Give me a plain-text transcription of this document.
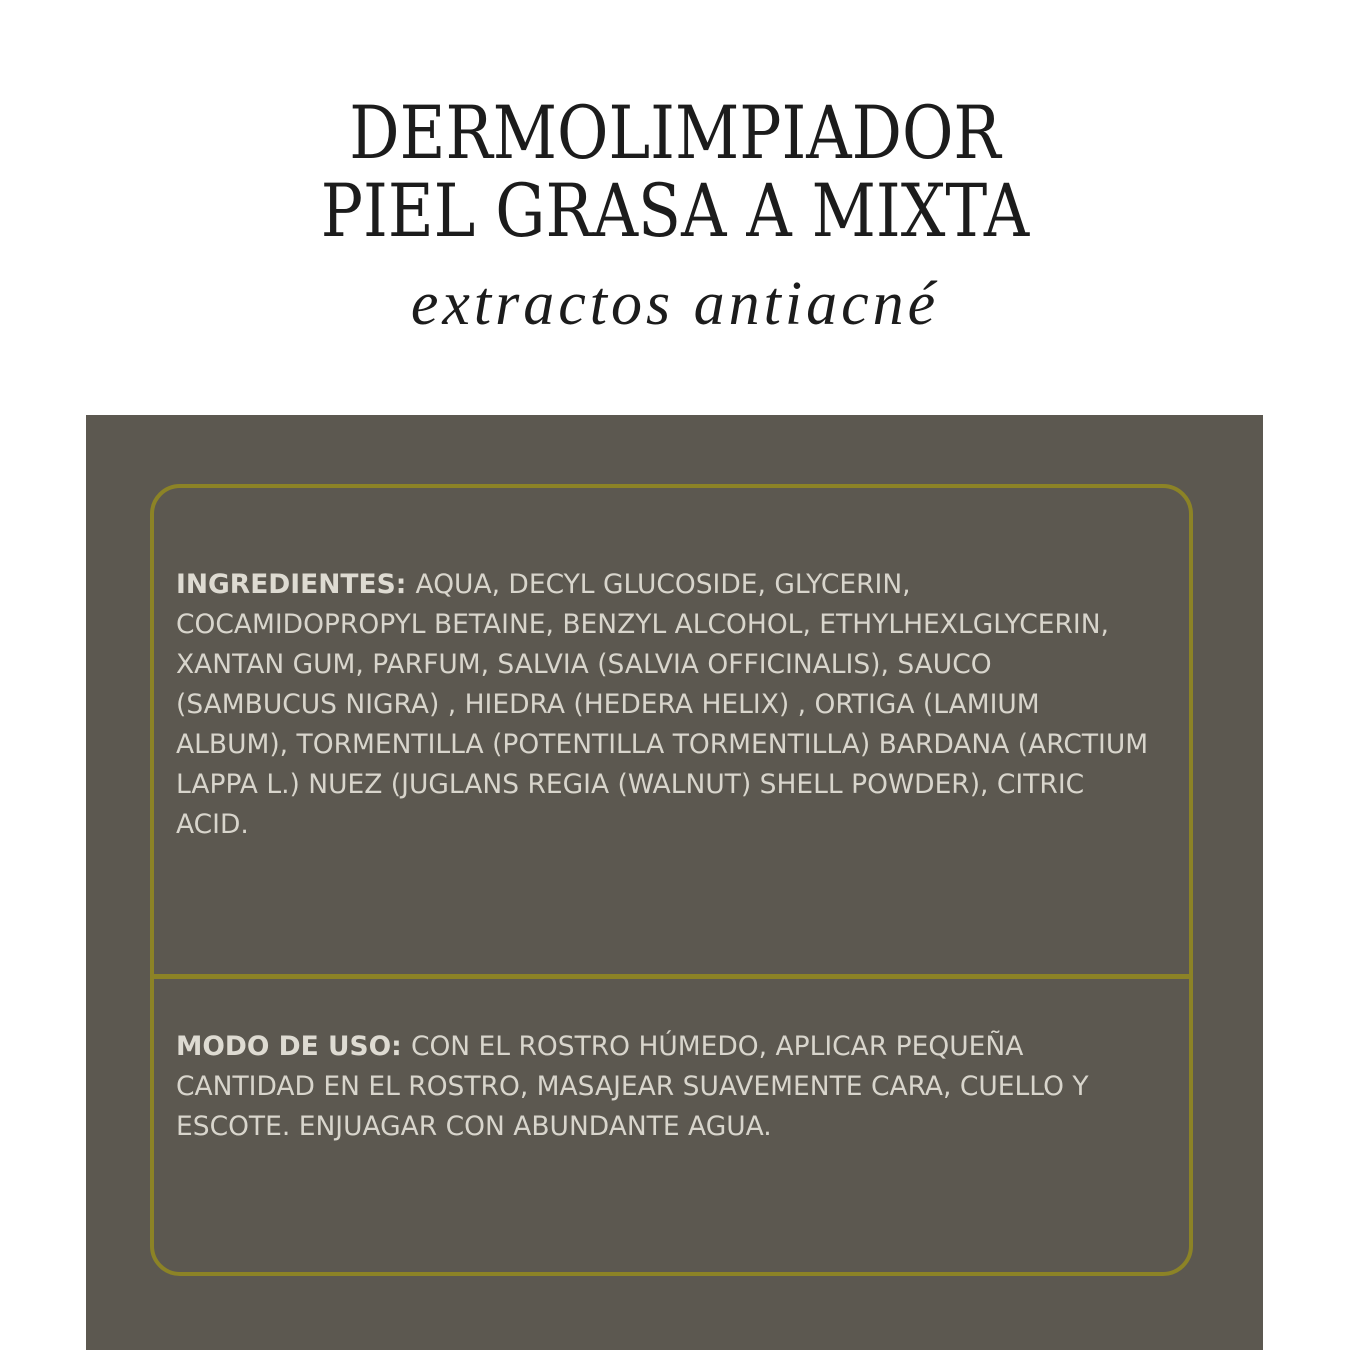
DERMOLIMPIADOR
PIEL GRASA A MIXTA
extractos antiacné
INGREDIENTES: AQUA, DECYL GLUCOSIDE, GLYCERIN, COCAMIDOPROPYL BETAINE, BENZYL ALCOHOL, ETHYLHEXLGLYCERIN, XANTAN GUM, PARFUM, SALVIA (SALVIA OFFICINALIS), SAUCO (SAMBUCUS NIGRA) , HIEDRA (HEDERA HELIX) , ORTIGA (LAMIUM ALBUM), TORMENTILLA (POTENTILLA TORMENTILLA) BARDANA (ARCTIUM LAPPA L.) NUEZ (JUGLANS REGIA (WALNUT) SHELL POWDER), CITRIC ACID.
MODO DE USO: CON EL ROSTRO HÚMEDO, APLICAR PEQUEÑA CANTIDAD EN EL ROSTRO, MASAJEAR SUAVEMENTE CARA, CUELLO Y ESCOTE. ENJUAGAR CON ABUNDANTE AGUA.
